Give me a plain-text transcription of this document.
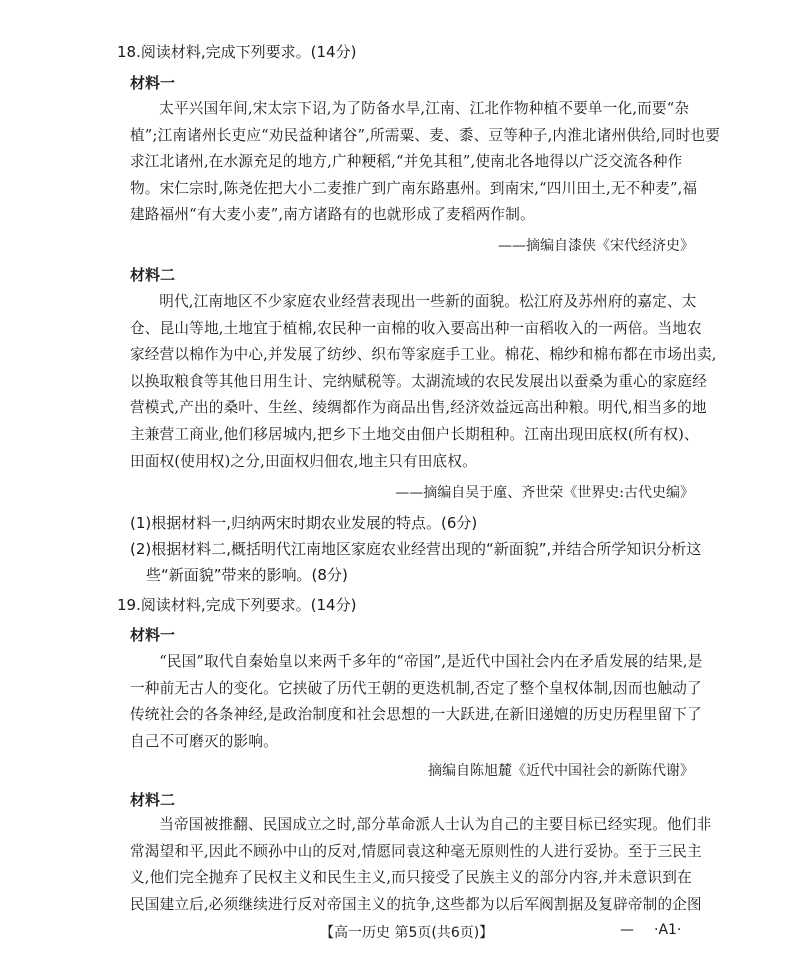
18.阅读材料,完成下列要求。(14分)
材料一
太平兴国年间,宋太宗下诏,为了防备水旱,江南、江北作物种植不要单一化,而要“杂
植”;江南诸州长吏应“劝民益种诸谷”,所需粟、麦、黍、豆等种子,内淮北诸州供给,同时也要
求江北诸州,在水源充足的地方,广种粳稻,“并免其租”,使南北各地得以广泛交流各种作
物。宋仁宗时,陈尧佐把大小二麦推广到广南东路惠州。到南宋,“四川田土,无不种麦”,福
建路福州“有大麦小麦”,南方诸路有的也就形成了麦稻两作制。
——摘编自漆侠《宋代经济史》
材料二
明代,江南地区不少家庭农业经营表现出一些新的面貌。松江府及苏州府的嘉定、太
仓、昆山等地,土地宜于植棉,农民种一亩棉的收入要高出种一亩稻收入的一两倍。当地农
家经营以棉作为中心,并发展了纺纱、织布等家庭手工业。棉花、棉纱和棉布都在市场出卖,
以换取粮食等其他日用生计、完纳赋税等。太湖流域的农民发展出以蚕桑为重心的家庭经
营模式,产出的桑叶、生丝、绫绸都作为商品出售,经济效益远高出种粮。明代,相当多的地
主兼营工商业,他们移居城内,把乡下土地交由佃户长期租种。江南出现田底权(所有权)、
田面权(使用权)之分,田面权归佃农,地主只有田底权。
——摘编自吴于廑、齐世荣《世界史:古代史编》
(1)根据材料一,归纳两宋时期农业发展的特点。(6分)
(2)根据材料二,概括明代江南地区家庭农业经营出现的“新面貌”,并结合所学知识分析这
些“新面貌”带来的影响。(8分)
19.阅读材料,完成下列要求。(14分)
材料一
“民国”取代自秦始皇以来两千多年的“帝国”,是近代中国社会内在矛盾发展的结果,是
一种前无古人的变化。它挟破了历代王朝的更迭机制,否定了整个皇权体制,因而也触动了
传统社会的各条神经,是政治制度和社会思想的一大跃进,在新旧递嬗的历史历程里留下了
自己不可磨灭的影响。
摘编自陈旭麓《近代中国社会的新陈代谢》
材料二
当帝国被推翻、民国成立之时,部分革命派人士认为自己的主要目标已经实现。他们非
常渴望和平,因此不顾孙中山的反对,情愿同袁这种毫无原则性的人进行妥协。至于三民主
义,他们完全抛弃了民权主义和民生主义,而只接受了民族主义的部分内容,并未意识到在
民国建立后,必须继续进行反对帝国主义的抗争,这些都为以后军阀割据及复辟帝制的企图
【高一历史 第5页(共6页)】	— ·A1·
